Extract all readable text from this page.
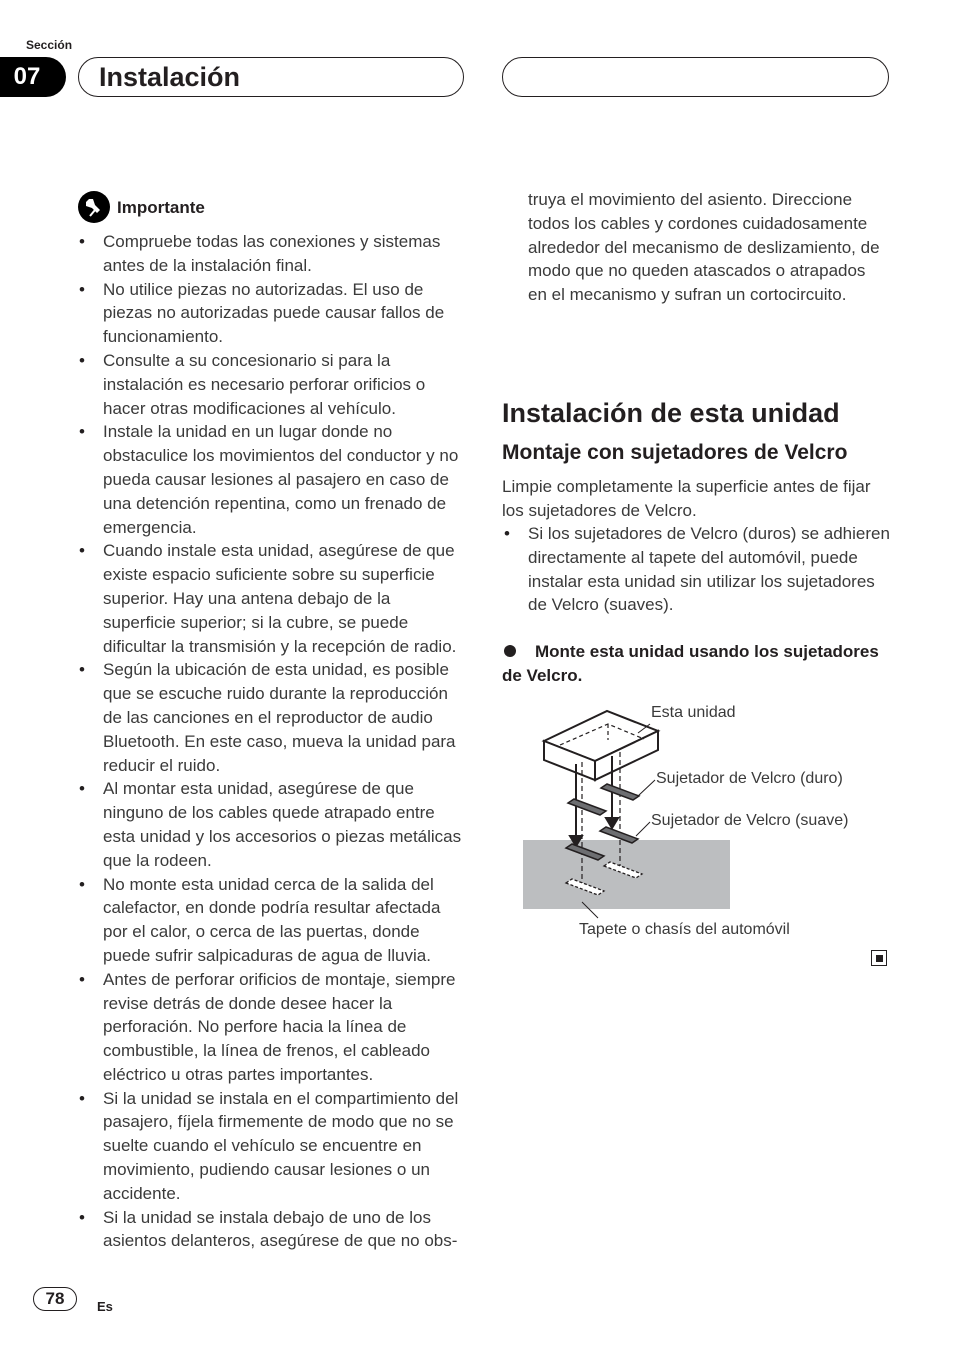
Sección
07	Instalación
Importante
• Compruebe todas las conexiones y sistemas antes de la instalación final.
• No utilice piezas no autorizadas. El uso de piezas no autorizadas puede causar fallos de funcionamiento.
• Consulte a su concesionario si para la instalación es necesario perforar orificios o hacer otras modificaciones al vehículo.
• Instale la unidad en un lugar donde no obstaculice los movimientos del conductor y no pueda causar lesiones al pasajero en caso de una detención repentina, como un frenado de emergencia.
• Cuando instale esta unidad, asegúrese de que existe espacio suficiente sobre su superficie superior. Hay una antena debajo de la superficie superior; si la cubre, se puede dificultar la transmisión y la recepción de radio.
• Según la ubicación de esta unidad, es posible que se escuche ruido durante la reproducción de las canciones en el reproductor de audio Bluetooth. En este caso, mueva la unidad para reducir el ruido.
• Al montar esta unidad, asegúrese de que ninguno de los cables quede atrapado entre esta unidad y los accesorios o piezas metálicas que la rodeen.
• No monte esta unidad cerca de la salida del calefactor, en donde podría resultar afectada por el calor, o cerca de las puertas, donde puede sufrir salpicaduras de agua de lluvia.
• Antes de perforar orificios de montaje, siempre revise detrás de donde desee hacer la perforación. No perfore hacia la línea de combustible, la línea de frenos, el cableado eléctrico u otras partes importantes.
• Si la unidad se instala en el compartimiento del pasajero, fíjela firmemente de modo que no se suelte cuando el vehículo se encuentre en movimiento, pudiendo causar lesiones o un accidente.
• Si la unidad se instala debajo de uno de los asientos delanteros, asegúrese de que no obs-

truya el movimiento del asiento. Direccione todos los cables y cordones cuidadosamente alrededor del mecanismo de deslizamiento, de modo que no queden atascados o atrapados en el mecanismo y sufran un cortocircuito.

Instalación de esta unidad
Montaje con sujetadores de Velcro

Limpie completamente la superficie antes de fijar los sujetadores de Velcro.

• Si los sujetadores de Velcro (duros) se adhieren directamente al tapete del automóvil, puede instalar esta unidad sin utilizar los sujetadores de Velcro (suaves).

Monte esta unidad usando los sujetadores de Velcro.

Esta unidad
Sujetador de Velcro (duro)
Sujetador de Velcro (suave)
Tapete o chasís del automóvil
78	Es
